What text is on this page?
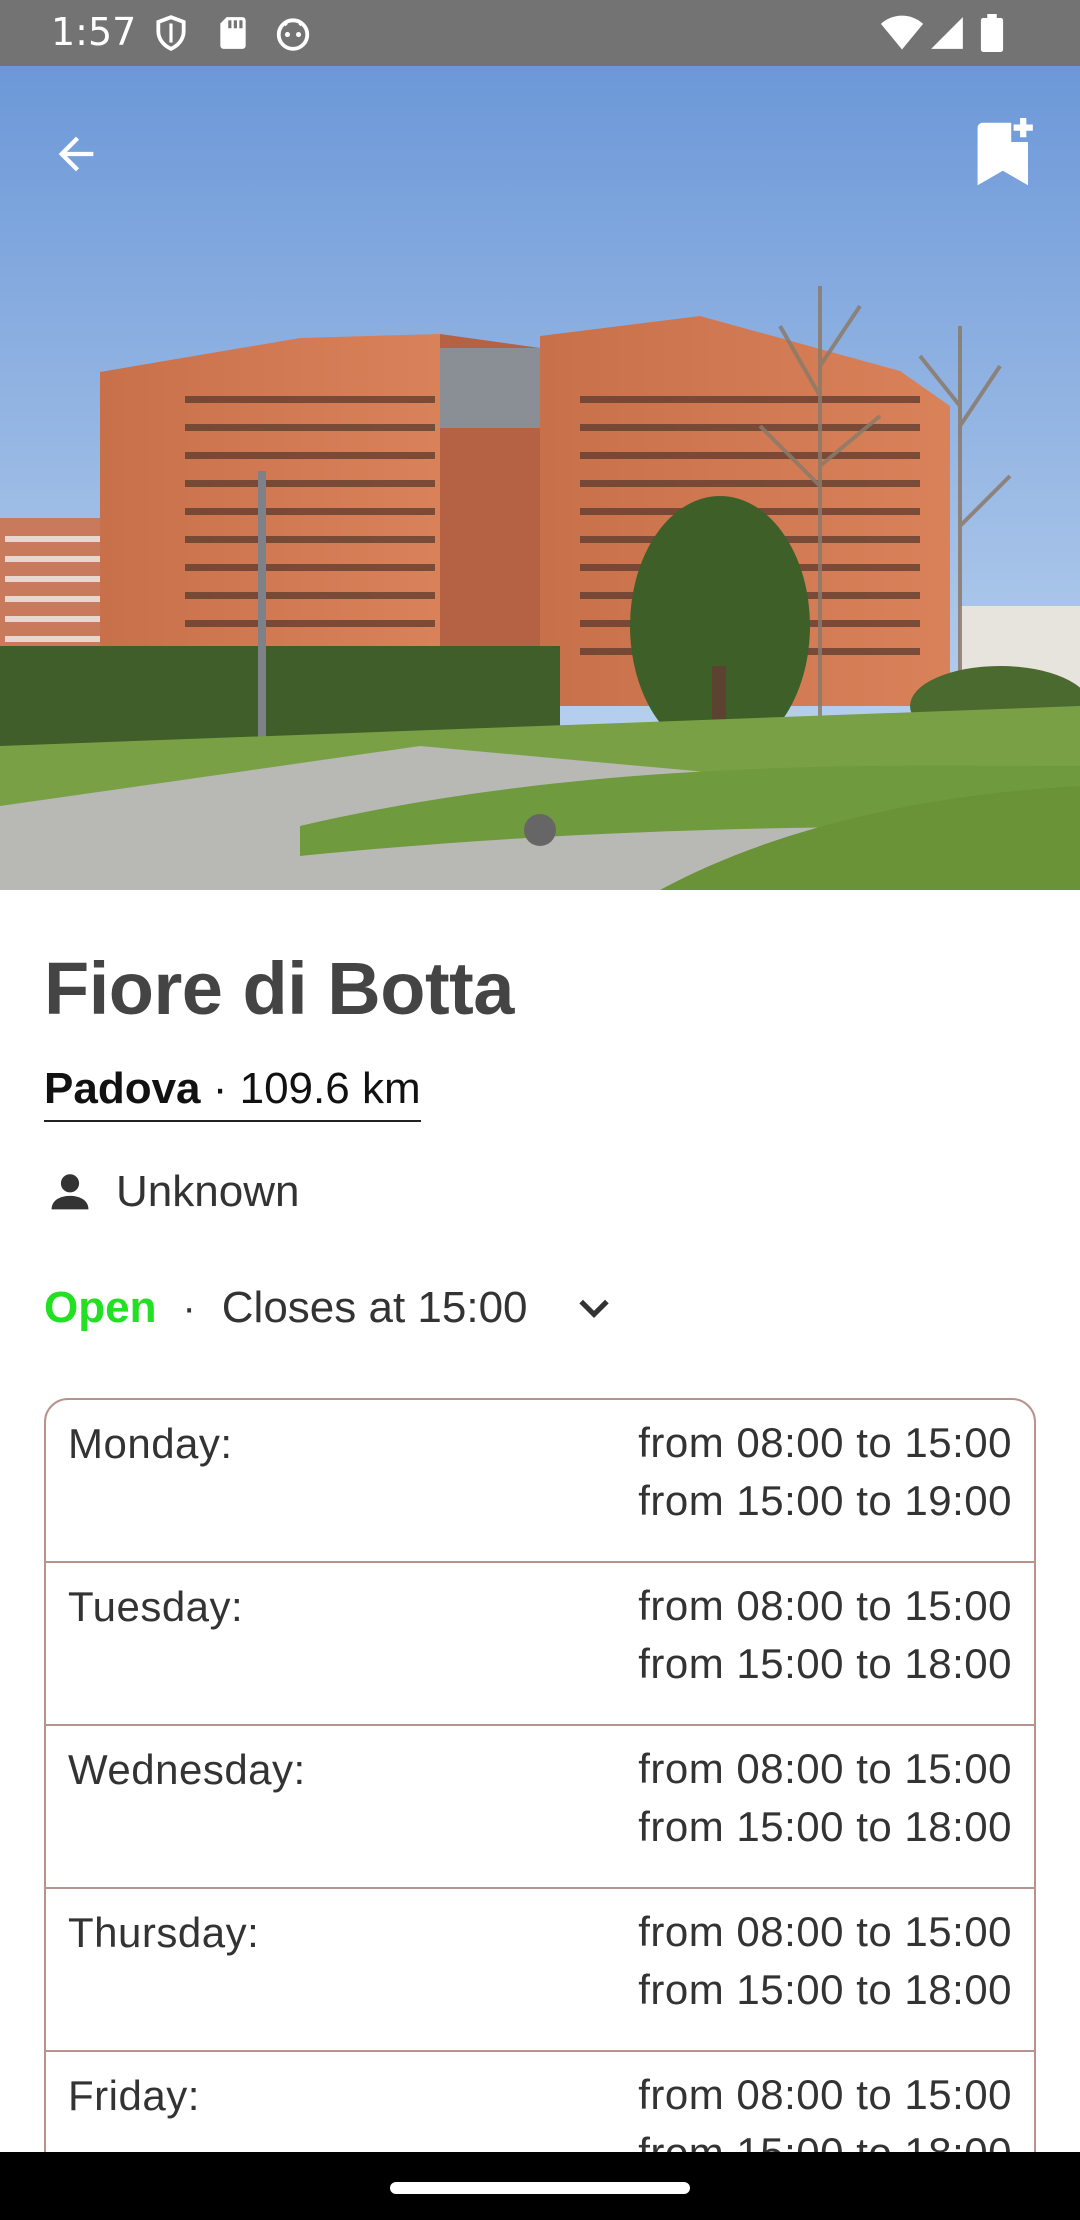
1:57
Fiore di Botta
Padova · 109.6 km
Unknown
Open · Closes at 15:00
Monday:	from 08:00 to 15:00
from 15:00 to 19:00
Tuesday:	from 08:00 to 15:00
from 15:00 to 18:00
Wednesday:	from 08:00 to 15:00
from 15:00 to 18:00
Thursday:	from 08:00 to 15:00
from 15:00 to 18:00
Friday:	from 08:00 to 15:00
